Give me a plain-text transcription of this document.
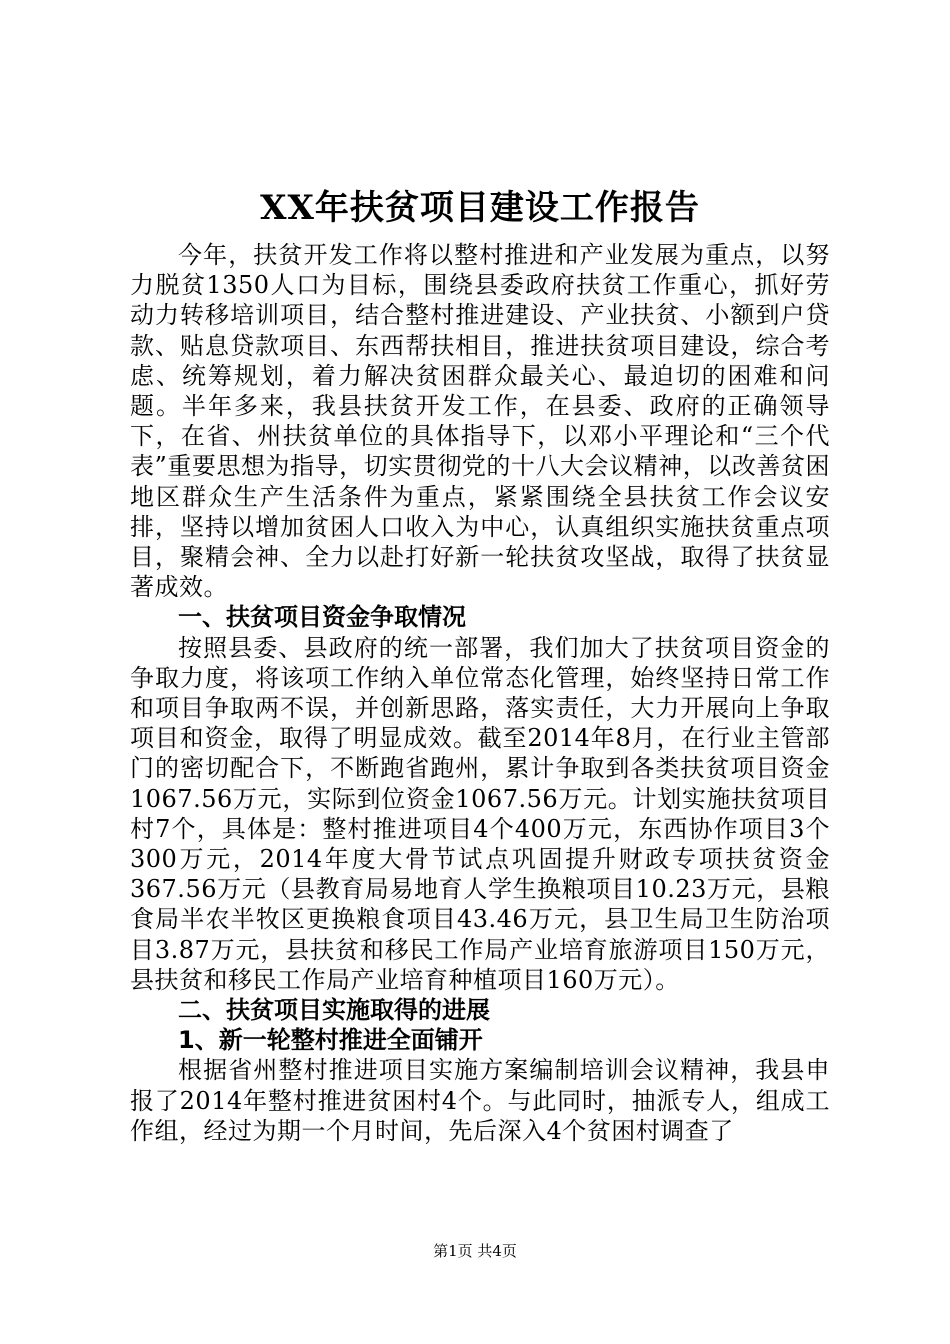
XX年扶贫项目建设工作报告

今年，扶贫开发工作将以整村推进和产业发展为重点，以努力脱贫1350人口为目标，围绕县委政府扶贫工作重心，抓好劳动力转移培训项目，结合整村推进建设、产业扶贫、小额到户贷款、贴息贷款项目、东西帮扶相目，推进扶贫项目建设，综合考虑、统筹规划，着力解决贫困群众最关心、最迫切的困难和问题。半年多来，我县扶贫开发工作，在县委、政府的正确领导下，在省、州扶贫单位的具体指导下，以邓小平理论和“三个代表”重要思想为指导，切实贯彻党的十八大会议精神，以改善贫困地区群众生产生活条件为重点，紧紧围绕全县扶贫工作会议安排，坚持以增加贫困人口收入为中心，认真组织实施扶贫重点项目，聚精会神、全力以赴打好新一轮扶贫攻坚战，取得了扶贫显著成效。

一、扶贫项目资金争取情况

按照县委、县政府的统一部署，我们加大了扶贫项目资金的争取力度，将该项工作纳入单位常态化管理，始终坚持日常工作和项目争取两不误，并创新思路，落实责任，大力开展向上争取项目和资金，取得了明显成效。截至2014年8月，在行业主管部门的密切配合下，不断跑省跑州，累计争取到各类扶贫项目资金1067.56万元，实际到位资金1067.56万元。计划实施扶贫项目村7个，具体是：整村推进项目4个400万元，东西协作项目3个300万元，2014年度大骨节试点巩固提升财政专项扶贫资金367.56万元（县教育局易地育人学生换粮项目10.23万元，县粮食局半农半牧区更换粮食项目43.46万元，县卫生局卫生防治项目3.87万元，县扶贫和移民工作局产业培育旅游项目150万元，县扶贫和移民工作局产业培育种植项目160万元）。

二、扶贫项目实施取得的进展

1、新一轮整村推进全面铺开

根据省州整村推进项目实施方案编制培训会议精神，我县申报了2014年整村推进贫困村4个。与此同时，抽派专人，组成工作组，经过为期一个月时间，先后深入4个贫困村调查了

第1页 共4页
